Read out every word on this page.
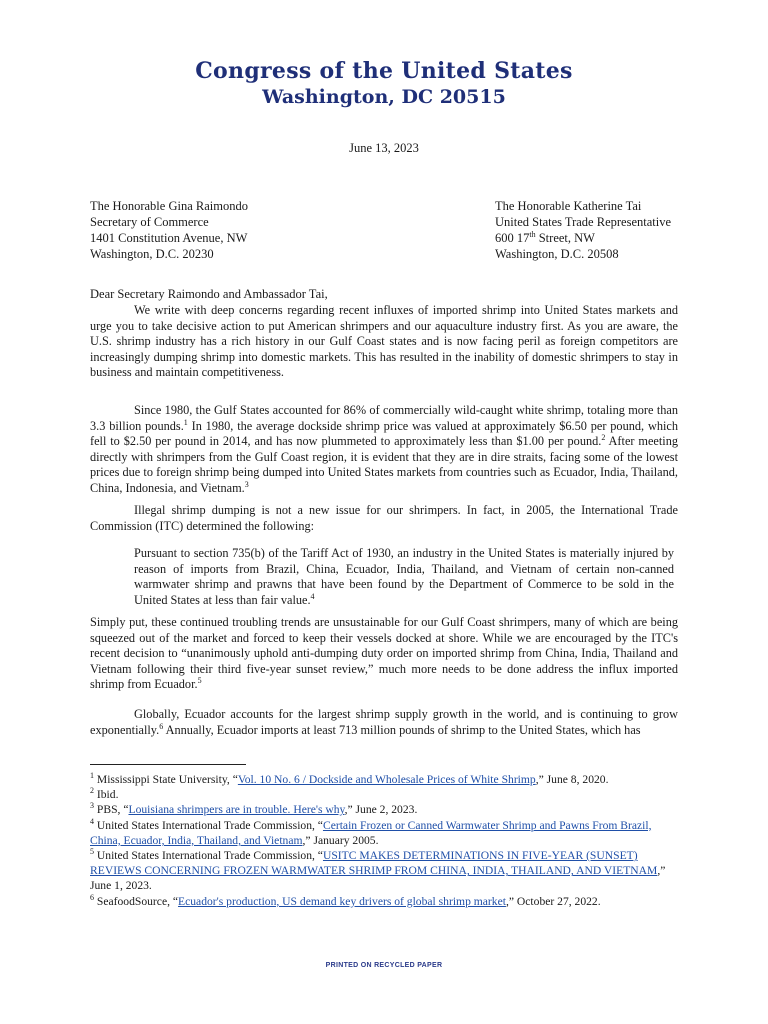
Congress of the United States
Washington, DC 20515
June 13, 2023
The Honorable Gina Raimondo
Secretary of Commerce
1401 Constitution Avenue, NW
Washington, D.C. 20230
The Honorable Katherine Tai
United States Trade Representative
600 17th Street, NW
Washington, D.C. 20508
Dear Secretary Raimondo and Ambassador Tai,

We write with deep concerns regarding recent influxes of imported shrimp into United States markets and urge you to take decisive action to put American shrimpers and our aquaculture industry first. As you are aware, the U.S. shrimp industry has a rich history in our Gulf Coast states and is now facing peril as foreign competitors are increasingly dumping shrimp into domestic markets. This has resulted in the inability of domestic shrimpers to stay in business and maintain competitiveness.

Since 1980, the Gulf States accounted for 86% of commercially wild-caught white shrimp, totaling more than 3.3 billion pounds.$^1$ In 1980, the average dockside shrimp price was valued at approximately $6.50 per pound, which fell to $2.50 per pound in 2014, and has now plummeted to approximately less than $1.00 per pound.$^2$ After meeting directly with shrimpers from the Gulf Coast region, it is evident that they are in dire straits, facing some of the lowest prices due to foreign shrimp being dumped into United States markets from countries such as Ecuador, India, Thailand, China, Indonesia, and Vietnam.$^3$

Illegal shrimp dumping is not a new issue for our shrimpers. In fact, in 2005, the International Trade Commission (ITC) determined the following:

Pursuant to section 735(b) of the Tariff Act of 1930, an industry in the United States is materially injured by reason of imports from Brazil, China, Ecuador, India, Thailand, and Vietnam of certain non-canned warmwater shrimp and prawns that have been found by the Department of Commerce to be sold in the United States at less than fair value.$^4$

Simply put, these continued troubling trends are unsustainable for our Gulf Coast shrimpers, many of which are being squeezed out of the market and forced to keep their vessels docked at shore. While we are encouraged by the ITC's recent decision to “unanimously uphold anti-dumping duty order on imported shrimp from China, India, Thailand and Vietnam following their third five-year sunset review,” much more needs to be done address the influx imported shrimp from Ecuador.$^5$

Globally, Ecuador accounts for the largest shrimp supply growth in the world, and is continuing to grow exponentially.$^6$ Annually, Ecuador imports at least 713 million pounds of shrimp to the United States, which has

$^1$ Mississippi State University, “Vol. 10 No. 6 / Dockside and Wholesale Prices of White Shrimp,” June 8, 2020.

$^2$ Ibid.

$^3$ PBS, “Louisiana shrimpers are in trouble. Here's why,” June 2, 2023.

$^4$ United States International Trade Commission, “Certain Frozen or Canned Warmwater Shrimp and Pawns From Brazil, China, Ecuador, India, Thailand, and Vietnam,” January 2005.

$^5$ United States International Trade Commission, “USITC MAKES DETERMINATIONS IN FIVE-YEAR (SUNSET) REVIEWS CONCERNING FROZEN WARMWATER SHRIMP FROM CHINA, INDIA, THAILAND, AND VIETNAM,” June 1, 2023.

$^6$ SeafoodSource, “Ecuador's production, US demand key drivers of global shrimp market,” October 27, 2022.

PRINTED ON RECYCLED PAPER
